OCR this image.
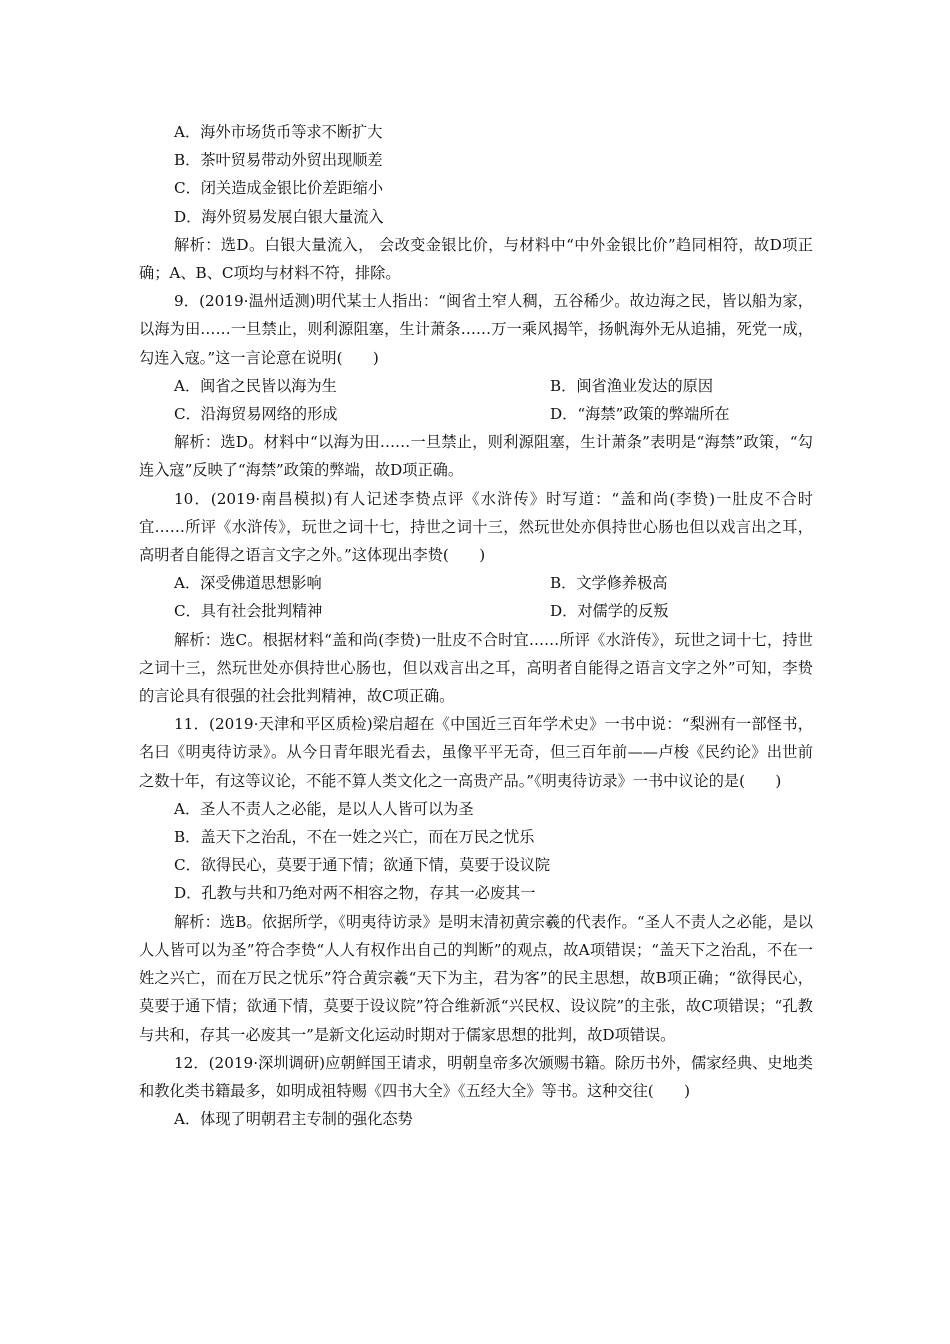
A．海外市场货币等求不断扩大
B．茶叶贸易带动外贸出现顺差
C．闭关造成金银比价差距缩小
D．海外贸易发展白银大量流入

解析：选D。白银大量流入， 会改变金银比价，与材料中“中外金银比价”趋同相符，故D项正确；A、B、C项均与材料不符，排除。

9．(2019·温州适测)明代某士人指出：“闽省土窄人稠，五谷稀少。故边海之民，皆以船为家，以海为田……一旦禁止，则利源阻塞，生计萧条……万一乘风揭竿，扬帆海外无从追捕，死党一成，勾连入寇。”这一言论意在说明(　　)

A．闽省之民皆以海为生	B．闽省渔业发达的原因
C．沿海贸易网络的形成	D．“海禁”政策的弊端所在

解析：选D。材料中“以海为田……一旦禁止，则利源阻塞，生计萧条”表明是“海禁”政策，“勾连入寇”反映了“海禁”政策的弊端，故D项正确。

10．(2019·南昌模拟)有人记述李贽点评《水浒传》时写道：“盖和尚(李贽)一肚皮不合时宜……所评《水浒传》，玩世之词十七，持世之词十三，然玩世处亦俱持世心肠也但以戏言出之耳，高明者自能得之语言文字之外。”这体现出李贽(　　)

A．深受佛道思想影响	B．文学修养极高
C．具有社会批判精神	D．对儒学的反叛

解析：选C。根据材料“盖和尚(李贽)一肚皮不合时宜……所评《水浒传》，玩世之词十七，持世之词十三，然玩世处亦俱持世心肠也，但以戏言出之耳，高明者自能得之语言文字之外”可知，李贽的言论具有很强的社会批判精神，故C项正确。

11．(2019·天津和平区质检)梁启超在《中国近三百年学术史》一书中说：“梨洲有一部怪书，名曰《明夷待访录》。从今日青年眼光看去，虽像平平无奇，但三百年前——卢梭《民约论》出世前之数十年，有这等议论，不能不算人类文化之一高贵产品。”《明夷待访录》一书中议论的是(　　)

A．圣人不责人之必能，是以人人皆可以为圣
B．盖天下之治乱，不在一姓之兴亡，而在万民之忧乐
C．欲得民心，莫要于通下情；欲通下情，莫要于设议院
D．孔教与共和乃绝对两不相容之物，存其一必废其一

解析：选B。依据所学，《明夷待访录》是明末清初黄宗羲的代表作。“圣人不责人之必能，是以人人皆可以为圣”符合李贽“人人有权作出自己的判断”的观点，故A项错误；“盖天下之治乱，不在一姓之兴亡，而在万民之忧乐”符合黄宗羲“天下为主，君为客”的民主思想，故B项正确；“欲得民心，莫要于通下情；欲通下情，莫要于设议院”符合维新派“兴民权、设议院”的主张，故C项错误；“孔教与共和，存其一必废其一”是新文化运动时期对于儒家思想的批判，故D项错误。

12．(2019·深圳调研)应朝鲜国王请求，明朝皇帝多次颁赐书籍。除历书外，儒家经典、史地类和教化类书籍最多，如明成祖特赐《四书大全》《五经大全》等书。这种交往(　　)

A．体现了明朝君主专制的强化态势
